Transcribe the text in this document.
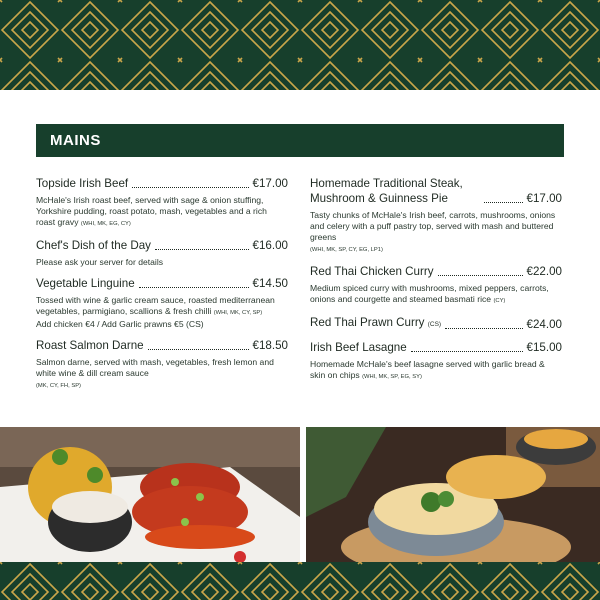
MAINS
Topside Irish Beef	€17.00
McHale's Irish roast beef, served with sage & onion stuffing, Yorkshire pudding, roast potato, mash, vegetables and a rich roast gravy (WHI, MK, EG, CY)
Chef's Dish of the Day	€16.00
Please ask your server for details
Vegetable Linguine	€14.50
Tossed with wine & garlic cream sauce, roasted mediterranean vegetables, parmigiano, scallions & fresh chilli (WHI, MK, CY, SP)
Add chicken €4 / Add Garlic prawns €5 (CS)
Roast Salmon Darne	€18.50
Salmon darne, served with mash, vegetables, fresh lemon and white wine & dill cream sauce
(MK, CY, FH, SP)
Homemade Traditional Steak, Mushroom & Guinness Pie	€17.00
Tasty chunks of McHale's Irish beef, carrots, mushrooms, onions and celery with a puff pastry top, served with mash and buttered greens
(WHI, MK, SP, CY, EG, LP1)
Red Thai Chicken Curry	€22.00
Medium spiced curry with mushrooms, mixed peppers, carrots, onions and courgette and steamed basmati rice (CY)
Red Thai Prawn Curry (CS)	€24.00
Irish Beef Lasagne	€15.00
Homemade McHale's beef lasagne served with garlic bread & skin on chips (WHI, MK, SP, EG, SY)
